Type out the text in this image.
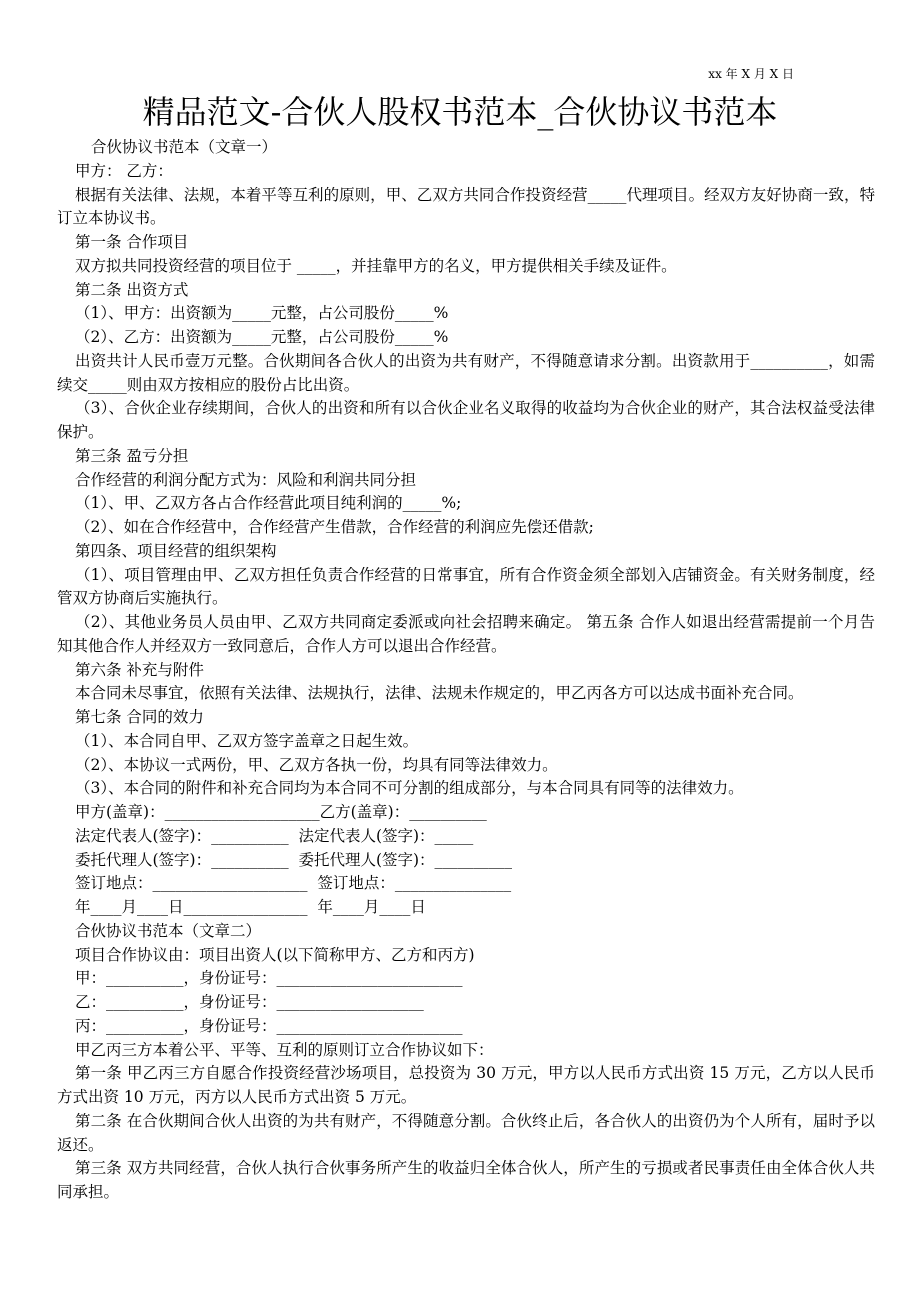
xx 年 X 月 X 日
精品范文-合伙人股权书范本_合伙协议书范本

合伙协议书范本（文章一）

甲方： 乙方：

根据有关法律、法规，本着平等互利的原则，甲、乙双方共同合作投资经营_____代理项目。经双方友好协商一致，特订立本协议书。

第一条 合作项目

双方拟共同投资经营的项目位于 _____，并挂靠甲方的名义，甲方提供相关手续及证件。

第二条 出资方式

（1）、甲方：出资额为_____元整，占公司股份_____%

（2）、乙方：出资额为_____元整，占公司股份_____%

出资共计人民币壹万元整。合伙期间各合伙人的出资为共有财产，不得随意请求分割。出资款用于__________，如需续交_____则由双方按相应的股份占比出资。

（3）、合伙企业存续期间，合伙人的出资和所有以合伙企业名义取得的收益均为合伙企业的财产，其合法权益受法律保护。

第三条 盈亏分担

合作经营的利润分配方式为：风险和利润共同分担

（1）、甲、乙双方各占合作经营此项目纯利润的_____%;

（2）、如在合作经营中，合作经营产生借款，合作经营的利润应先偿还借款;

第四条、项目经营的组织架构

（1）、项目管理由甲、乙双方担任负责合作经营的日常事宜，所有合作资金须全部划入店铺资金。有关财务制度，经管双方协商后实施执行。

（2）、其他业务员人员由甲、乙双方共同商定委派或向社会招聘来确定。 第五条 合作人如退出经营需提前一个月告知其他合作人并经双方一致同意后，合作人方可以退出合作经营。

第六条 补充与附件

本合同未尽事宜，依照有关法律、法规执行，法律、法规未作规定的，甲乙丙各方可以达成书面补充合同。

第七条 合同的效力

（1）、本合同自甲、乙双方签字盖章之日起生效。

（2）、本协议一式两份，甲、乙双方各执一份，均具有同等法律效力。

（3）、本合同的附件和补充合同均为本合同不可分割的组成部分，与本合同具有同等的法律效力。

甲方(盖章)：____________________乙方(盖章)：__________

法定代表人(签字)：__________  法定代表人(签字)：_____

委托代理人(签字)：__________  委托代理人(签字)：__________

签订地点：____________________  签订地点：_______________

年____月____日________________  年____月____日

合伙协议书范本（文章二）

项目合作协议由：项目出资人(以下简称甲方、乙方和丙方)

甲：__________，身份证号：________________________

乙：__________，身份证号：___________________

丙：__________，身份证号：________________________

甲乙丙三方本着公平、平等、互利的原则订立合作协议如下：

第一条 甲乙丙三方自愿合作投资经营沙场项目，总投资为 30 万元，甲方以人民币方式出资 15 万元，乙方以人民币方式出资 10 万元，丙方以人民币方式出资 5 万元。

第二条 在合伙期间合伙人出资的为共有财产，不得随意分割。合伙终止后，各合伙人的出资仍为个人所有，届时予以返还。

第三条 双方共同经营，合伙人执行合伙事务所产生的收益归全体合伙人，所产生的亏损或者民事责任由全体合伙人共同承担。
